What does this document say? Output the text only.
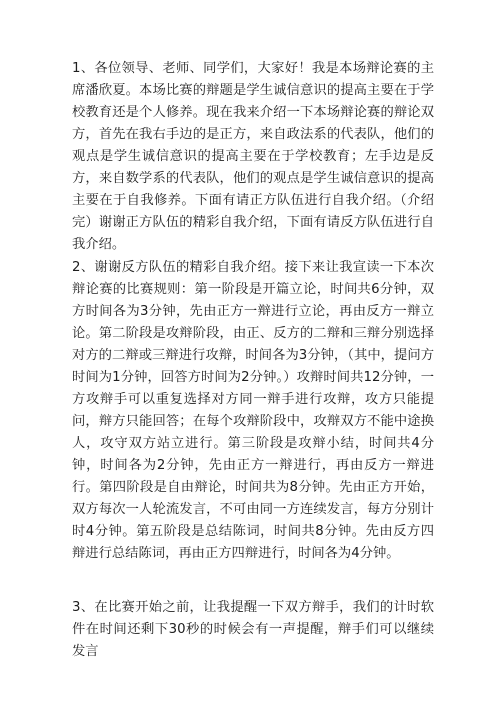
1、各位领导、老师、同学们，大家好！我是本场辩论赛的主席潘欣夏。本场比赛的辩题是学生诚信意识的提高主要在于学校教育还是个人修养。现在我来介绍一下本场辩论赛的辩论双方，首先在我右手边的是正方，来自政法系的代表队，他们的观点是学生诚信意识的提高主要在于学校教育；左手边是反方，来自数学系的代表队，他们的观点是学生诚信意识的提高主要在于自我修养。下面有请正方队伍进行自我介绍。（介绍完）谢谢正方队伍的精彩自我介绍，下面有请反方队伍进行自我介绍。

2、谢谢反方队伍的精彩自我介绍。接下来让我宣读一下本次辩论赛的比赛规则：第一阶段是开篇立论，时间共6分钟，双方时间各为3分钟，先由正方一辩进行立论，再由反方一辩立论。第二阶段是攻辩阶段，由正、反方的二辩和三辩分别选择对方的二辩或三辩进行攻辩，时间各为3分钟，（其中，提问方时间为1分钟，回答方时间为2分钟。）攻辩时间共12分钟，一方攻辩手可以重复选择对方同一辩手进行攻辩，攻方只能提问，辩方只能回答；在每个攻辩阶段中，攻辩双方不能中途换人，攻守双方站立进行。第三阶段是攻辩小结，时间共4分钟，时间各为2分钟，先由正方一辩进行，再由反方一辩进行。第四阶段是自由辩论，时间共为8分钟。先由正方开始，双方每次一人轮流发言，不可由同一方连续发言，每方分别计时4分钟。第五阶段是总结陈词，时间共8分钟。先由反方四辩进行总结陈词，再由正方四辩进行，时间各为4分钟。

3、在比赛开始之前，让我提醒一下双方辩手，我们的计时软件在时间还剩下30秒的时候会有一声提醒，辩手们可以继续发言
